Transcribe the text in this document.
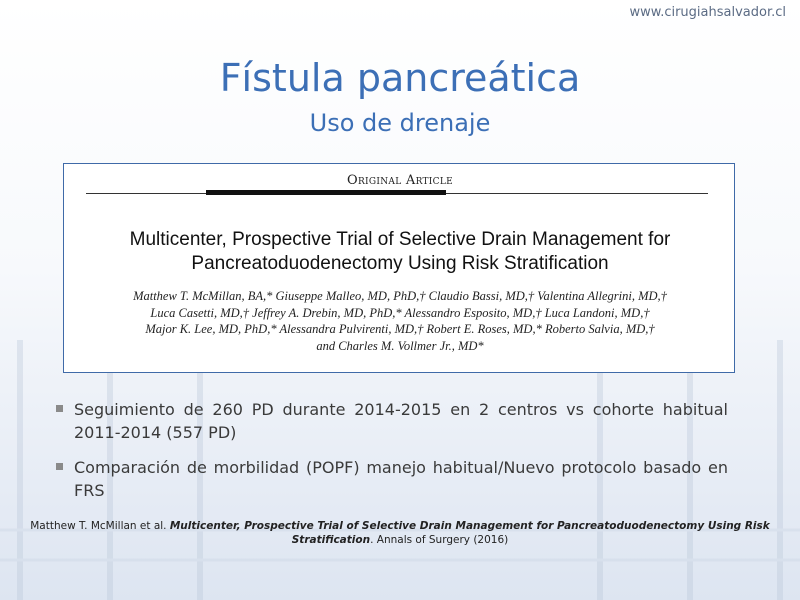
www.cirugiahsalvador.cl
Fístula pancreática
Uso de drenaje
Original Article
Multicenter, Prospective Trial of Selective Drain Management for
Pancreatoduodenectomy Using Risk Stratification
Matthew T. McMillan, BA,* Giuseppe Malleo, MD, PhD,† Claudio Bassi, MD,† Valentina Allegrini, MD,†
Luca Casetti, MD,† Jeffrey A. Drebin, MD, PhD,* Alessandro Esposito, MD,† Luca Landoni, MD,†
Major K. Lee, MD, PhD,* Alessandra Pulvirenti, MD,† Robert E. Roses, MD,* Roberto Salvia, MD,†
and Charles M. Vollmer Jr., MD*
Seguimiento de 260 PD durante 2014-2015 en 2 centros vs cohorte habitual 2011-2014 (557 PD)
Comparación de morbilidad (POPF) manejo habitual/Nuevo protocolo basado en FRS
Matthew T. McMillan et al. Multicenter, Prospective Trial of Selective Drain Management for Pancreatoduodenectomy Using Risk Stratification. Annals of Surgery (2016)
